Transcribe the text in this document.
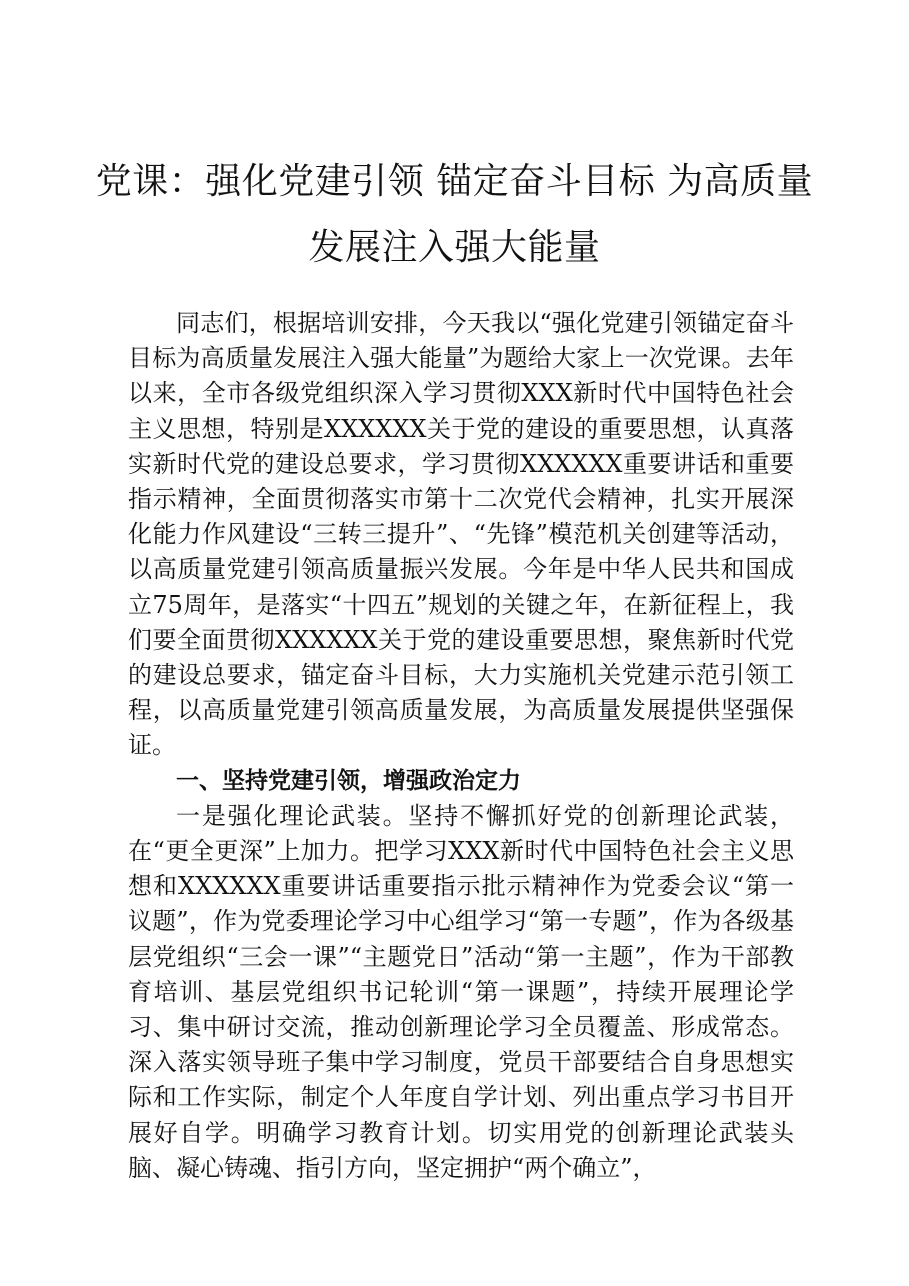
党课：强化党建引领 锚定奋斗目标 为高质量
发展注入强大能量

同志们，根据培训安排，今天我以“强化党建引领锚定奋斗目标为高质量发展注入强大能量”为题给大家上一次党课。去年以来，全市各级党组织深入学习贯彻XXX新时代中国特色社会主义思想，特别是XXXXXX关于党的建设的重要思想，认真落实新时代党的建设总要求，学习贯彻XXXXXX重要讲话和重要指示精神，全面贯彻落实市第十二次党代会精神，扎实开展深化能力作风建设“三转三提升”、“先锋”模范机关创建等活动，以高质量党建引领高质量振兴发展。今年是中华人民共和国成立75周年，是落实“十四五”规划的关键之年，在新征程上，我们要全面贯彻XXXXXX关于党的建设重要思想，聚焦新时代党的建设总要求，锚定奋斗目标，大力实施机关党建示范引领工程，以高质量党建引领高质量发展，为高质量发展提供坚强保证。

一、坚持党建引领，增强政治定力

一是强化理论武装。坚持不懈抓好党的创新理论武装，在“更全更深”上加力。把学习XXX新时代中国特色社会主义思想和XXXXXX重要讲话重要指示批示精神作为党委会议“第一议题”，作为党委理论学习中心组学习“第一专题”，作为各级基层党组织“三会一课”“主题党日”活动“第一主题”，作为干部教育培训、基层党组织书记轮训“第一课题”，持续开展理论学习、集中研讨交流，推动创新理论学习全员覆盖、形成常态。深入落实领导班子集中学习制度，党员干部要结合自身思想实际和工作实际，制定个人年度自学计划、列出重点学习书目开展好自学。明确学习教育计划。切实用党的创新理论武装头脑、凝心铸魂、指引方向，坚定拥护“两个确立”，
